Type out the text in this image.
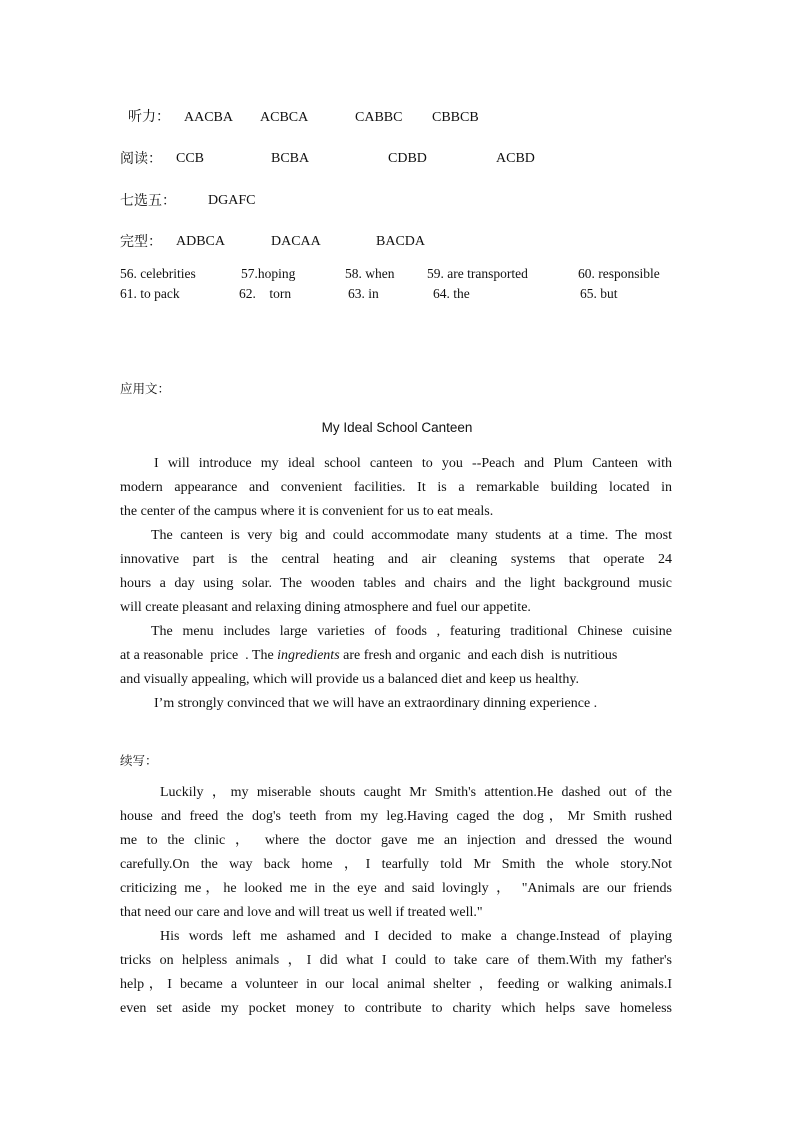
听力： AACBA ACBCA	CABBC CBBCB
阅读： CCB	BCBA	CDBD	ACBD
七选五： DGAFC
完型： ADBCA	DACAA	BACDA
56. celebrities	57.hoping	58. when 59. are transported	60. responsible
61. to pack	62.    torn	63. in	64. the	65. but
应用文：
My Ideal School Canteen
I will introduce my ideal school canteen to you --Peach and Plum Canteen with
modern appearance and convenient facilities. It is a remarkable building located in
the center of the campus where it is convenient for us to eat meals.
The canteen is very big and could accommodate many students at a time. The most
innovative part is the central heating and air cleaning systems that operate 24
hours a day using solar. The wooden tables and chairs and the light background music
will create pleasant and relaxing dining atmosphere and fuel our appetite.
The menu includes large varieties of foods , featuring traditional Chinese cuisine
at a reasonable  price  . The ingredients are fresh and organic  and each dish  is nutritious
and visually appealing, which will provide us a balanced diet and keep us healthy.
I’m strongly convinced that we will have an extraordinary dinning experience .
续写：
Luckily ，my miserable shouts caught Mr Smith's attention.He dashed out of the
house and freed the dog's teeth from my leg.Having caged the dog，Mr Smith rushed
me to the clinic ， where the doctor gave me an injection and dressed the wound
carefully.On the way back home ，I tearfully told Mr Smith the whole story.Not
criticizing me，he looked me in the eye and said lovingly ， "Animals are our friends
that need our care and love and will treat us well if treated well."
His words left me ashamed and I decided to make a change.Instead of playing
tricks on helpless animals ，I did what I could to take care of them.With my father's
help，I became a volunteer in our local animal shelter ，feeding or walking animals.I
even set aside my pocket money to contribute to charity which helps save homeless
